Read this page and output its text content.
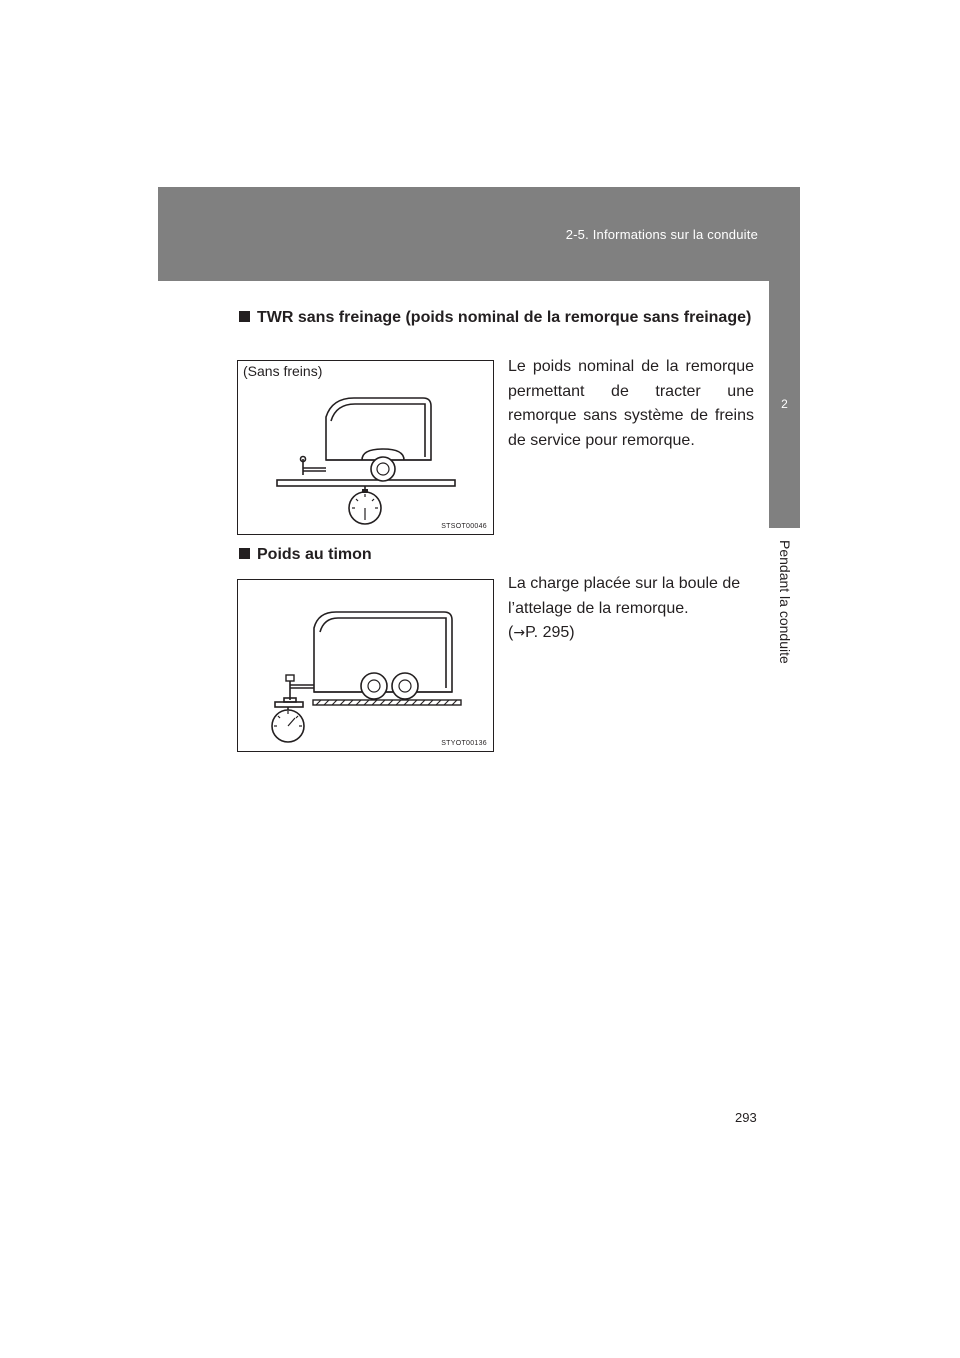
2-5. Informations sur la conduite
2
Pendant la conduite
TWR sans freinage (poids nominal de la remorque sans freinage)
(Sans freins)
STSOT00046
Le poids nominal de la remorque permettant de tracter une remorque sans système de freins de service pour remorque.
Poids au timon
STYOT00136
La charge placée sur la boule de l’attelage de la remorque.
(→P. 295)
293
